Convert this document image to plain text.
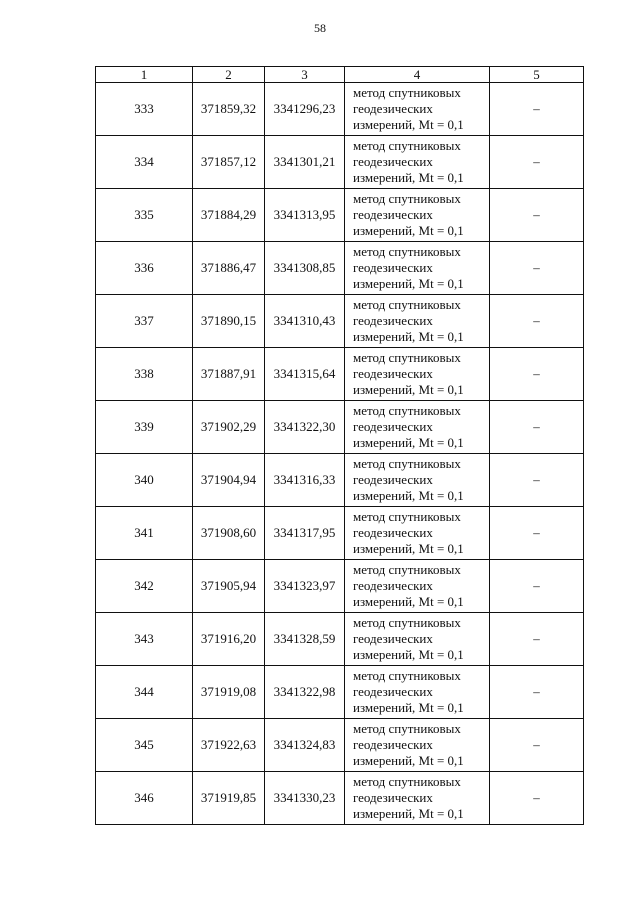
58
1	2	3	4	5
333	371859,32	3341296,23	метод спутниковых
геодезических
измерений, Mt = 0,1	–
334	371857,12	3341301,21	метод спутниковых
геодезических
измерений, Mt = 0,1	–
335	371884,29	3341313,95	метод спутниковых
геодезических
измерений, Mt = 0,1	–
336	371886,47	3341308,85	метод спутниковых
геодезических
измерений, Mt = 0,1	–
337	371890,15	3341310,43	метод спутниковых
геодезических
измерений, Mt = 0,1	–
338	371887,91	3341315,64	метод спутниковых
геодезических
измерений, Mt = 0,1	–
339	371902,29	3341322,30	метод спутниковых
геодезических
измерений, Mt = 0,1	–
340	371904,94	3341316,33	метод спутниковых
геодезических
измерений, Mt = 0,1	–
341	371908,60	3341317,95	метод спутниковых
геодезических
измерений, Mt = 0,1	–
342	371905,94	3341323,97	метод спутниковых
геодезических
измерений, Mt = 0,1	–
343	371916,20	3341328,59	метод спутниковых
геодезических
измерений, Mt = 0,1	–
344	371919,08	3341322,98	метод спутниковых
геодезических
измерений, Mt = 0,1	–
345	371922,63	3341324,83	метод спутниковых
геодезических
измерений, Mt = 0,1	–
346	371919,85	3341330,23	метод спутниковых
геодезических
измерений, Mt = 0,1	–
